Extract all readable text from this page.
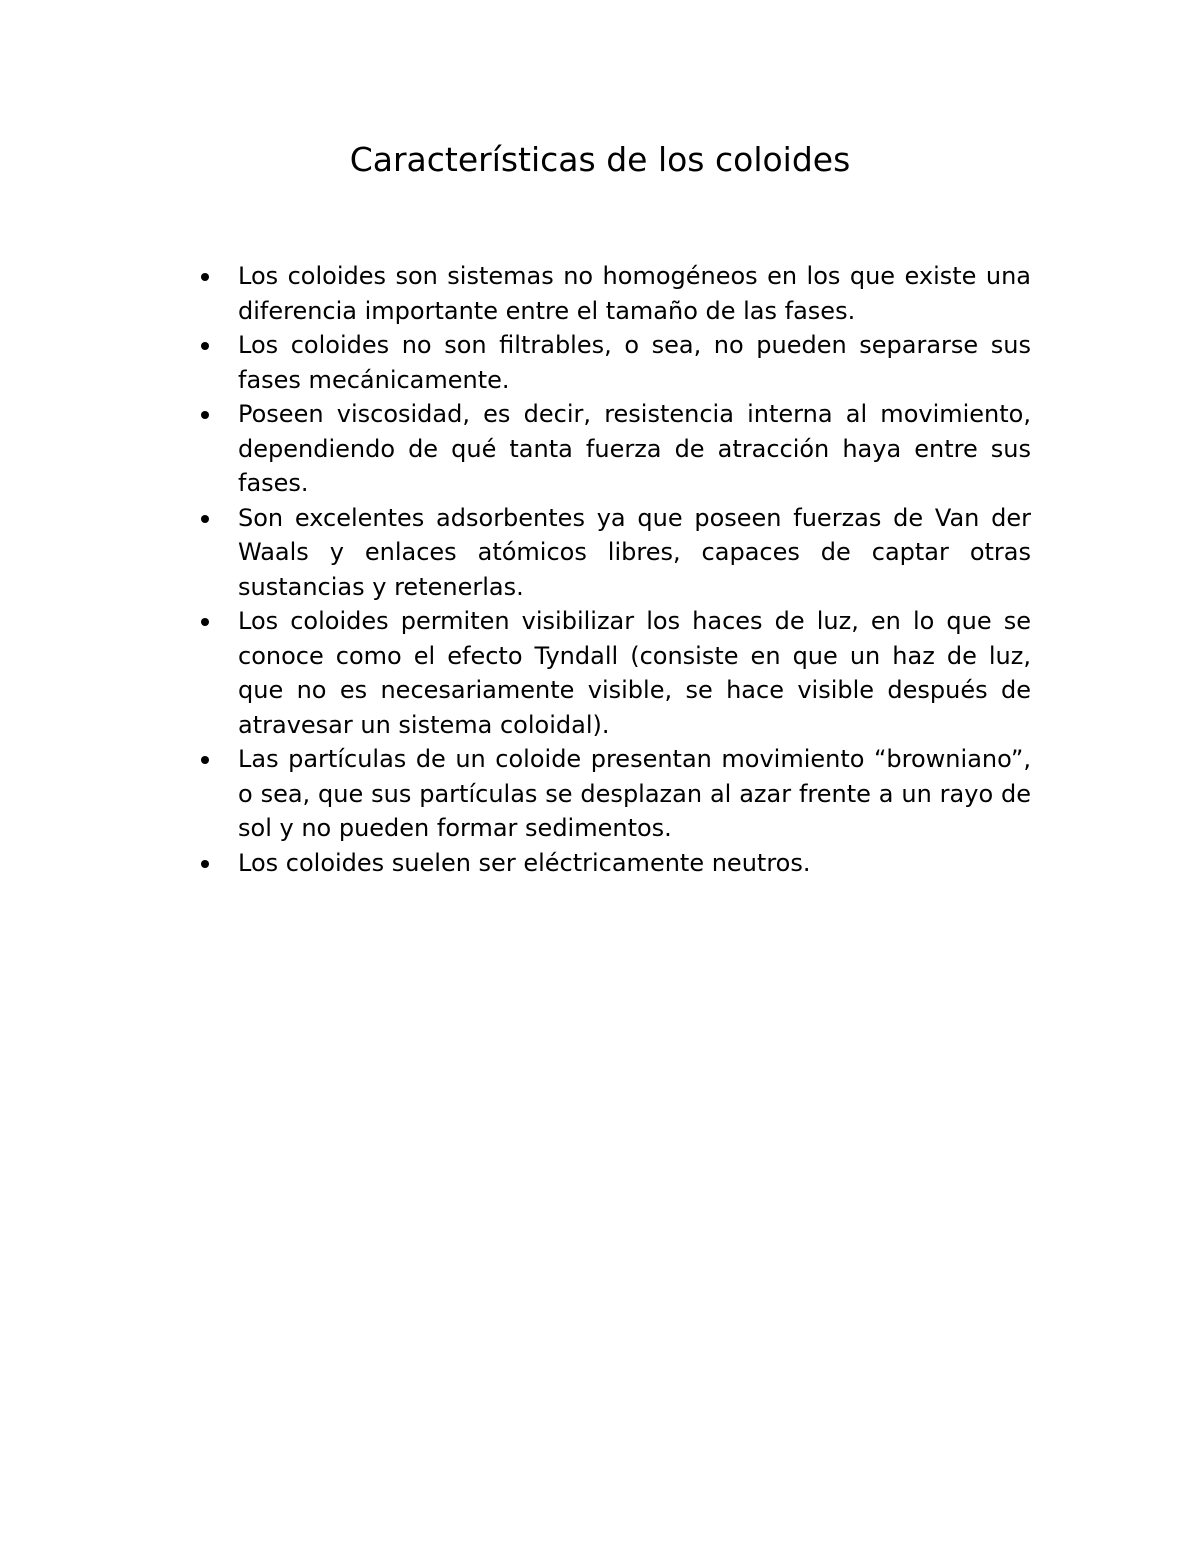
Características de los coloides
Los coloides son sistemas no homogéneos en los que existe una diferencia importante entre el tamaño de las fases.
Los coloides no son filtrables, o sea, no pueden separarse sus fases mecánicamente.
Poseen viscosidad, es decir, resistencia interna al movimiento, dependiendo de qué tanta fuerza de atracción haya entre sus fases.
Son excelentes adsorbentes ya que poseen fuerzas de Van der Waals y enlaces atómicos libres, capaces de captar otras sustancias y retenerlas.
Los coloides permiten visibilizar los haces de luz, en lo que se conoce como el efecto Tyndall (consiste en que un haz de luz, que no es necesariamente visible, se hace visible después de atravesar un sistema coloidal).
Las partículas de un coloide presentan movimiento “browniano”, o sea, que sus partículas se desplazan al azar frente a un rayo de sol y no pueden formar sedimentos.
Los coloides suelen ser eléctricamente neutros.
